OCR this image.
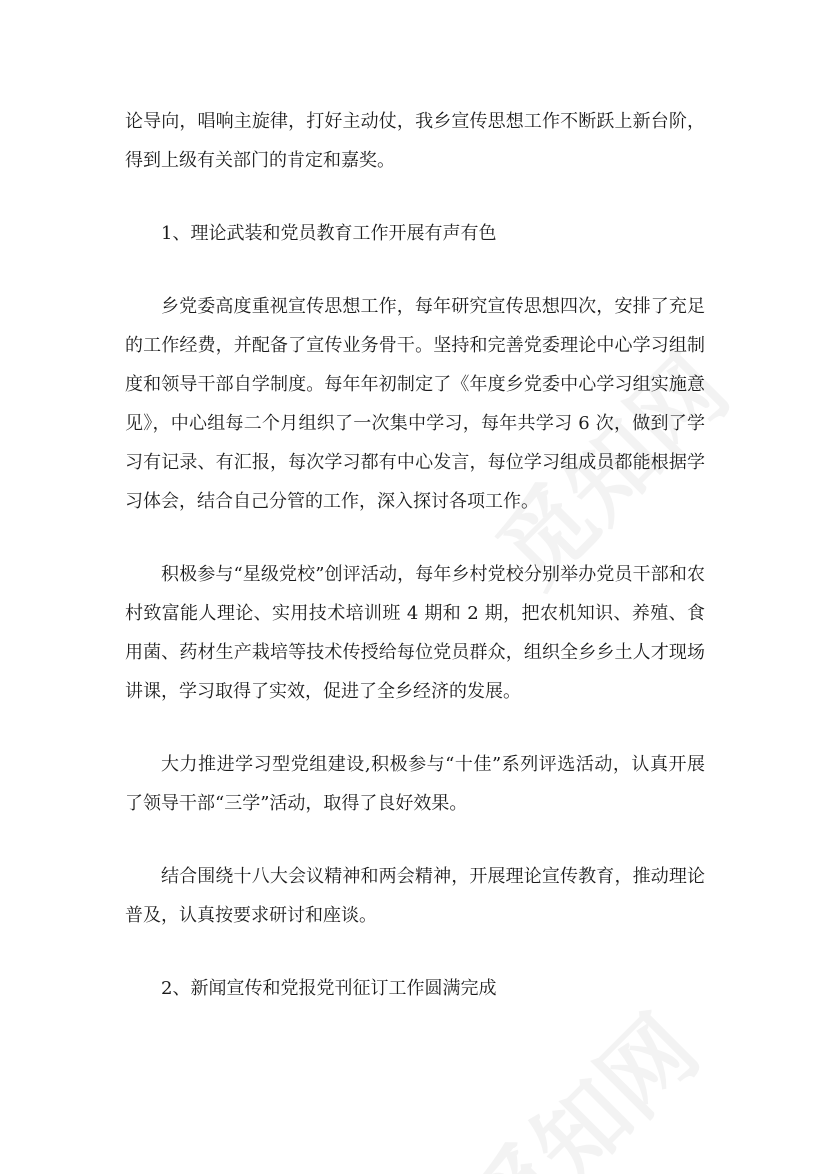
论导向，唱响主旋律，打好主动仗，我乡宣传思想工作不断跃上新台阶，得到上级有关部门的肯定和嘉奖。

1、理论武装和党员教育工作开展有声有色

乡党委高度重视宣传思想工作，每年研究宣传思想四次，安排了充足的工作经费，并配备了宣传业务骨干。坚持和完善党委理论中心学习组制度和领导干部自学制度。每年年初制定了《年度乡党委中心学习组实施意见》，中心组每二个月组织了一次集中学习，每年共学习 6 次，做到了学习有记录、有汇报，每次学习都有中心发言，每位学习组成员都能根据学习体会，结合自己分管的工作，深入探讨各项工作。

积极参与“星级党校”创评活动，每年乡村党校分别举办党员干部和农村致富能人理论、实用技术培训班 4 期和 2 期，把农机知识、养殖、食用菌、药材生产栽培等技术传授给每位党员群众，组织全乡乡土人才现场讲课，学习取得了实效，促进了全乡经济的发展。

大力推进学习型党组建设,积极参与“十佳”系列评选活动，认真开展了领导干部“三学”活动，取得了良好效果。

结合围绕十八大会议精神和两会精神，开展理论宣传教育，推动理论普及，认真按要求研讨和座谈。

2、新闻宣传和党报党刊征订工作圆满完成
